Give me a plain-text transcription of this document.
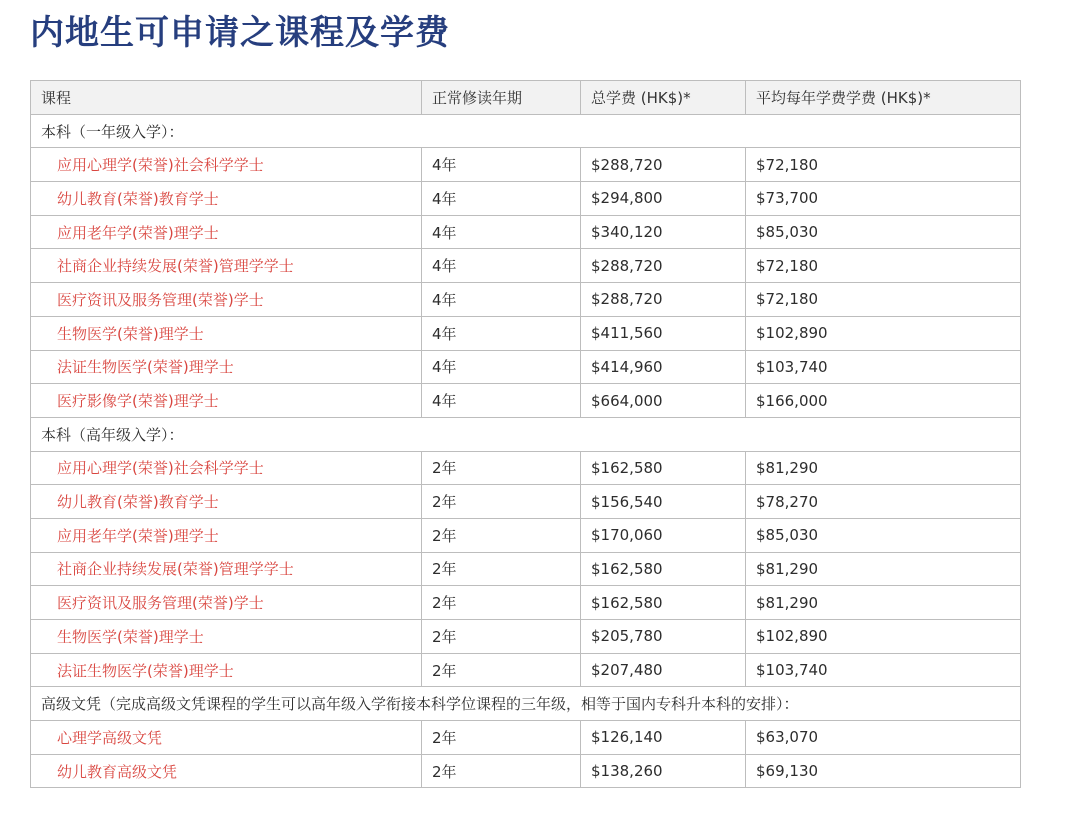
内地生可申请之课程及学费
课程	正常修读年期	总学费 (HK$)*	平均每年学费学费 (HK$)*
本科（一年级入学）：			
应用心理学(荣誉)社会科学学士	4年	$288,720	$72,180
幼儿教育(荣誉)教育学士	4年	$294,800	$73,700
应用老年学(荣誉)理学士	4年	$340,120	$85,030
社商企业持续发展(荣誉)管理学学士	4年	$288,720	$72,180
医疗资讯及服务管理(荣誉)学士	4年	$288,720	$72,180
生物医学(荣誉)理学士	4年	$411,560	$102,890
法证生物医学(荣誉)理学士	4年	$414,960	$103,740
医疗影像学(荣誉)理学士	4年	$664,000	$166,000
本科（高年级入学）：			
应用心理学(荣誉)社会科学学士	2年	$162,580	$81,290
幼儿教育(荣誉)教育学士	2年	$156,540	$78,270
应用老年学(荣誉)理学士	2年	$170,060	$85,030
社商企业持续发展(荣誉)管理学学士	2年	$162,580	$81,290
医疗资讯及服务管理(荣誉)学士	2年	$162,580	$81,290
生物医学(荣誉)理学士	2年	$205,780	$102,890
法证生物医学(荣誉)理学士	2年	$207,480	$103,740
高级文凭（完成高级文凭课程的学生可以高年级入学衔接本科学位课程的三年级，相等于国内专科升本科的安排）：			
心理学高级文凭	2年	$126,140	$63,070
幼儿教育高级文凭	2年	$138,260	$69,130
